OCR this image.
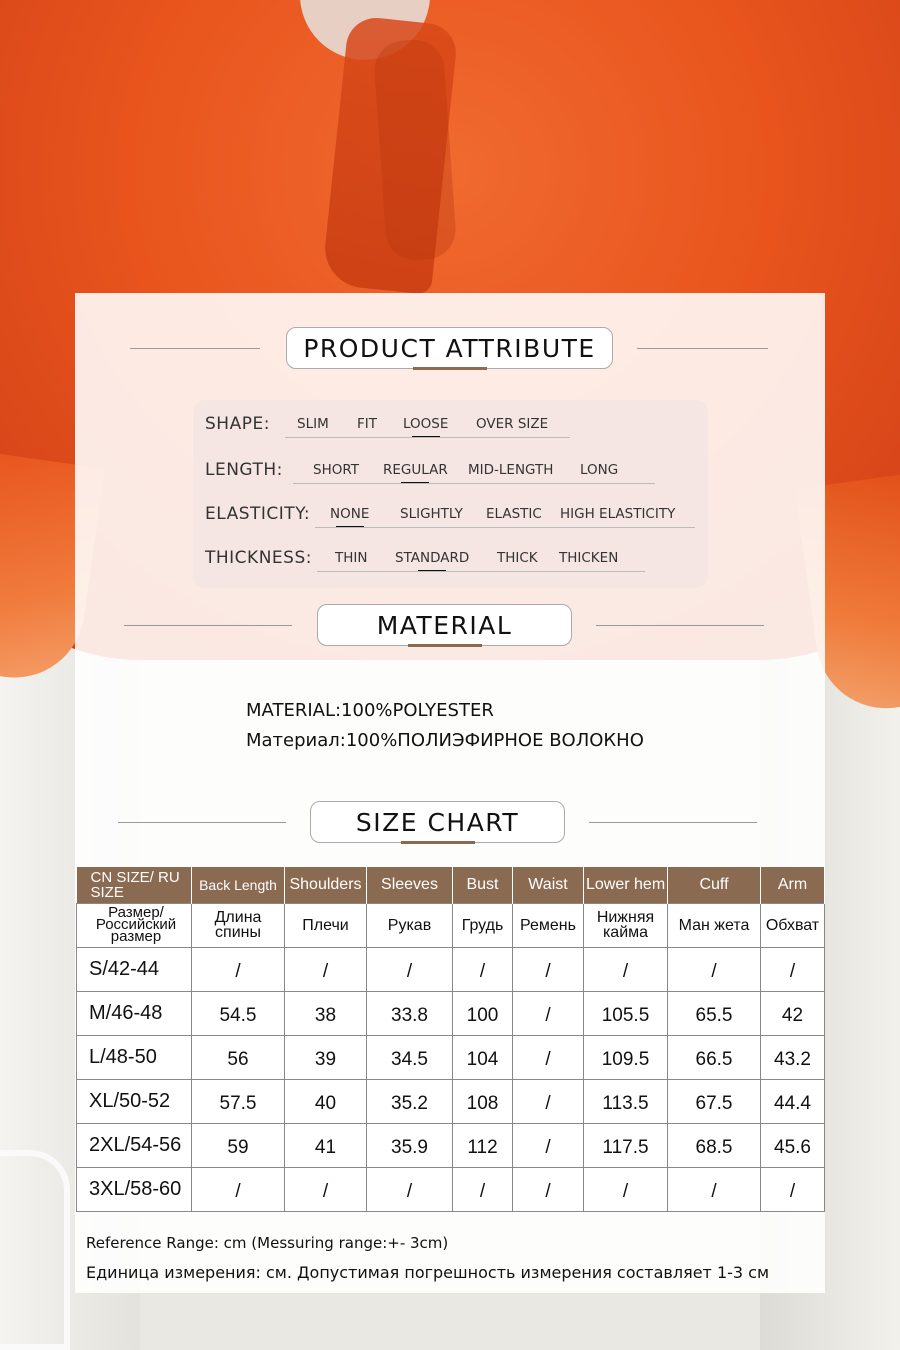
PRODUCT ATTRIBUTE
SHAPE: SLIM FIT LOOSE OVER SIZE
LENGTH: SHORT REGULAR MID-LENGTH LONG
ELASTICITY: NONE SLIGHTLY ELASTIC HIGH ELASTICITY
THICKNESS: THIN STANDARD THICK THICKEN
MATERIAL
MATERIAL:100%POLYESTER
Материал:100%ПОЛИЭФИРНОЕ ВОЛОКНО
SIZE CHART
CN SIZE/ RU SIZE	Back Length	Shoulders	Sleeves	Bust	Waist	Lower hem	Cuff	Arm
Размер/ Российский размер	Длина спины	Плечи	Рукав	Грудь	Ремень	Нижняя кайма	Ман жета	Обхват
S/42-44	/	/	/	/	/	/	/	/
M/46-48	54.5	38	33.8	100	/	105.5	65.5	42
L/48-50	56	39	34.5	104	/	109.5	66.5	43.2
XL/50-52	57.5	40	35.2	108	/	113.5	67.5	44.4
2XL/54-56	59	41	35.9	112	/	117.5	68.5	45.6
3XL/58-60	/	/	/	/	/	/	/	/
Reference Range: cm (Messuring range:+- 3cm)
Единица измерения: см. Допустимая погрешность измерения составляет 1-3 см
